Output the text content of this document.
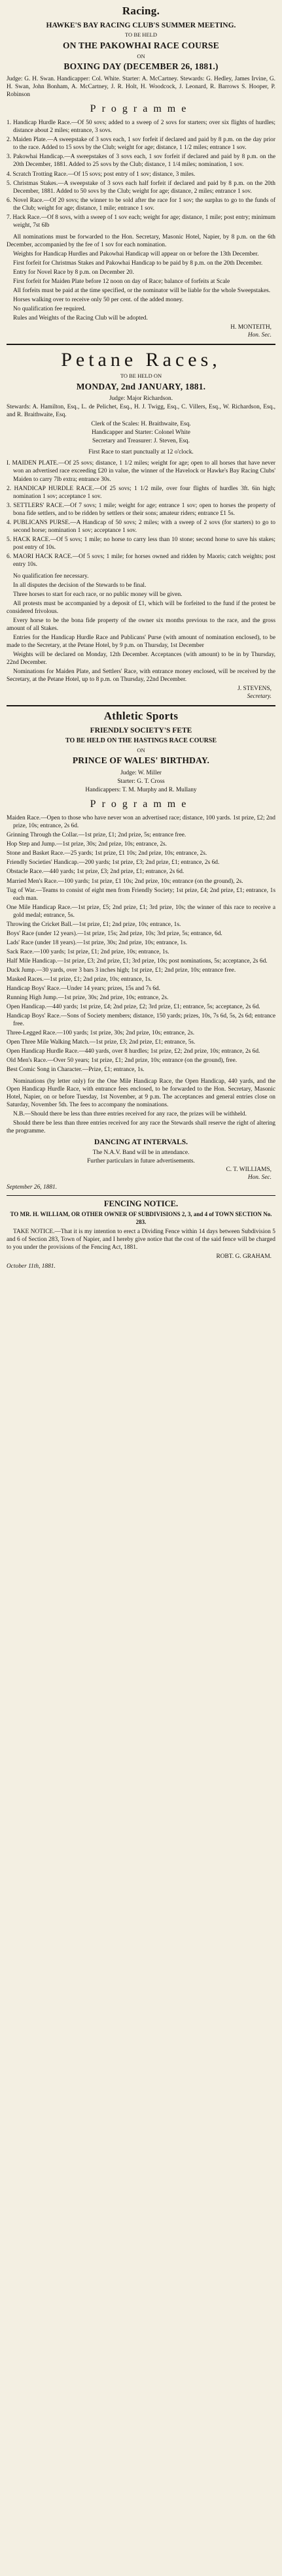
Racing.
HAWKE'S BAY RACING CLUB'S SUMMER MEETING.
TO BE HELD
ON THE PAKOWHAI RACE COURSE
ON
BOXING DAY (DECEMBER 26, 1881.)

Judge: G. H. Swan. Handicapper: Col. White. Starter: A. McCartney. Stewards: G. Hedley, James Irvine, G. H. Swan, John Bonham, A. McCartney, J. R. Holt, H. Woodcock, J. Leonard, R. Barrows S. Hooper, P. Robinson

Programme

1. Handicap Hurdle Race.—Of 50 sovs; added to a sweep of 2 sovs for starters; over six flights of hurdles; distance about 2 miles; entrance, 3 sovs.

2. Maiden Plate.—A sweepstake of 3 sovs each, 1 sov forfeit if declared and paid by 8 p.m. on the day prior to the race. Added to 15 sovs by the Club; weight for age; distance, 1 1/2 miles; entrance 1 sov.

3. Pakowhai Handicap.—A sweepstakes of 3 sovs each, 1 sov forfeit if declared and paid by 8 p.m. on the 20th December, 1881. Added to 25 sovs by the Club; distance, 1 1/4 miles; nomination, 1 sov.

4. Scratch Trotting Race.—Of 15 sovs; post entry of 1 sov; distance, 3 miles.

5. Christmas Stakes.—A sweepstake of 3 sovs each half forfeit if declared and paid by 8 p.m. on the 20th December, 1881. Added to 50 sovs by the Club; weight for age; distance, 2 miles; entrance 1 sov.

6. Novel Race.—Of 20 sovs; the winner to be sold after the race for 1 sov; the surplus to go to the funds of the Club; weight for age; distance, 1 mile; entrance 1 sov.

7. Hack Race.—Of 8 sovs, with a sweep of 1 sov each; weight for age; distance, 1 mile; post entry; minimum weight, 7st 6lb

All nominations must be forwarded to the Hon. Secretary, Masonic Hotel, Napier, by 8 p.m. on the 6th December, accompanied by the fee of 1 sov for each nomination.

Weights for Handicap Hurdles and Pakowhai Handicap will appear on or before the 13th December.

First forfeit for Christmas Stakes and Pakowhai Handicap to be paid by 8 p.m. on the 20th December.

Entry for Novel Race by 8 p.m. on December 20.

First forfeit for Maiden Plate before 12 noon on day of Race; balance of forfeits at Scale

All forfeits must be paid at the time specified, or the nominator will be liable for the whole Sweepstakes.

Horses walking over to receive only 50 per cent. of the added money.

No qualification fee required.

Rules and Weights of the Racing Club will be adopted.

H. MONTEITH,
Hon. Sec.
Petane Races,
TO BE HELD ON
MONDAY, 2nd JANUARY, 1881.
Judge: Major Richardson.

Stewards: A. Hamilton, Esq., L. de Pelichet, Esq., H. J. Twigg, Esq., C. Villers, Esq., W. Richardson, Esq., and R. Braithwaite, Esq.

Clerk of the Scales: H. Braithwaite, Esq.
Handicapper and Starter: Colonel White
Secretary and Treasurer: J. Steven, Esq.
First Race to start punctually at 12 o'clock.

I. MAIDEN PLATE.—Of 25 sovs; distance, 1 1/2 miles; weight for age; open to all horses that have never won an advertised race exceeding £20 in value, the winner of the Havelock or Hawke's Bay Racing Clubs' Maiden to carry 7lb extra; entrance 30s.

2. HANDICAP HURDLE RACE.—Of 25 sovs; 1 1/2 mile, over four flights of hurdles 3ft. 6in high; nomination 1 sov; acceptance 1 sov.

3. SETTLERS' RACE.—Of 7 sovs; 1 mile; weight for age; entrance 1 sov; open to horses the property of bona fide settlers, and to be ridden by settlers or their sons; amateur riders; entrance £1 5s.

4. PUBLICANS PURSE.—A Handicap of 50 sovs; 2 miles; with a sweep of 2 sovs (for starters) to go to second horse; nomination 1 sov; acceptance 1 sov.

5. HACK RACE.—Of 5 sovs; 1 mile; no horse to carry less than 10 stone; second horse to save his stakes; post entry of 10s.

6. MAORI HACK RACE.—Of 5 sovs; 1 mile; for horses owned and ridden by Maoris; catch weights; post entry 10s.

No qualification fee necessary.

In all disputes the decision of the Stewards to be final.

Three horses to start for each race, or no public money will be given.

All protests must be accompanied by a deposit of £1, which will be forfeited to the fund if the protest be considered frivolous.

Every horse to be the bona fide property of the owner six months previous to the race, and the gross amount of all Stakes.

Entries for the Handicap Hurdle Race and Publicans' Purse (with amount of nomination enclosed), to be made to the Secretary, at the Petane Hotel, by 9 p.m. on Thursday, 1st December

Weights will be declared on Monday, 12th December. Acceptances (with amount) to be in by Thursday, 22nd December.

Nominations for Maiden Plate, and Settlers' Race, with entrance money enclosed, will be received by the Secretary, at the Petane Hotel, up to 8 p.m. on Thursday, 22nd December.

J. STEVENS,
Secretary.
Athletic Sports
FRIENDLY SOCIETY'S FETE
TO BE HELD ON THE HASTINGS RACE COURSE
ON
PRINCE OF WALES' BIRTHDAY.
Judge: W. Miller
Starter: G. T. Cross
Handicappers: T. M. Murphy and R. Mullany
Programme

Maiden Race.—Open to those who have never won an advertised race; distance, 100 yards. 1st prize, £2; 2nd prize, 10s; entrance, 2s 6d.

Grinning Through the Collar.—1st prize, £1; 2nd prize, 5s; entrance free.

Hop Step and Jump.—1st prize, 30s; 2nd prize, 10s; entrance, 2s.

Stone and Basket Race.—25 yards; 1st prize, £1 10s; 2nd prize, 10s; entrance, 2s.

Friendly Societies' Handicap.—200 yards; 1st prize, £3; 2nd prize, £1; entrance, 2s 6d.

Obstacle Race.—440 yards; 1st prize, £3; 2nd prize, £1; entrance, 2s 6d.

Married Men's Race.—100 yards; 1st prize, £1 10s; 2nd prize, 10s; entrance (on the ground), 2s.

Tug of War.—Teams to consist of eight men from Friendly Society; 1st prize, £4; 2nd prize, £1; entrance, 1s each man.

One Mile Handicap Race.—1st prize, £5; 2nd prize, £1; 3rd prize, 10s; the winner of this race to receive a gold medal; entrance, 5s.

Throwing the Cricket Ball.—1st prize, £1; 2nd prize, 10s; entrance, 1s.

Boys' Race (under 12 years).—1st prize, 15s; 2nd prize, 10s; 3rd prize, 5s; entrance, 6d.

Lads' Race (under 18 years).—1st prize, 30s; 2nd prize, 10s; entrance, 1s.

Sack Race.—100 yards; 1st prize, £1; 2nd prize, 10s; entrance, 1s.

Half Mile Handicap.—1st prize, £3; 2nd prize, £1; 3rd prize, 10s; post nominations, 5s; acceptance, 2s 6d.

Duck Jump.—30 yards, over 3 bars 3 inches high; 1st prize, £1; 2nd prize, 10s; entrance free.

Masked Races.—1st prize, £1; 2nd prize, 10s; entrance, 1s.

Handicap Boys' Race.—Under 14 years; prizes, 15s and 7s 6d.

Running High Jump.—1st prize, 30s; 2nd prize, 10s; entrance, 2s.

Open Handicap.—440 yards; 1st prize, £4; 2nd prize, £2; 3rd prize, £1; entrance, 5s; acceptance, 2s 6d.

Handicap Boys' Race.—Sons of Society members; distance, 150 yards; prizes, 10s, 7s 6d, 5s, 2s 6d; entrance free.

Three-Legged Race.—100 yards; 1st prize, 30s; 2nd prize, 10s; entrance, 2s.

Open Three Mile Walking Match.—1st prize, £3; 2nd prize, £1; entrance, 5s.

Open Handicap Hurdle Race.—440 yards, over 8 hurdles; 1st prize, £2; 2nd prize, 10s; entrance, 2s 6d.

Old Men's Race.—Over 50 years; 1st prize, £1; 2nd prize, 10s; entrance (on the ground), free.

Best Comic Song in Character.—Prize, £1; entrance, 1s.

Nominations (by letter only) for the One Mile Handicap Race, the Open Handicap, 440 yards, and the Open Handicap Hurdle Race, with entrance fees enclosed, to be forwarded to the Hon. Secretary, Masonic Hotel, Napier, on or before Tuesday, 1st November, at 9 p.m. The acceptances and general entries close on Saturday, November 5th. The fees to accompany the nominations.

N.B.—Should there be less than three entries received for any race, the prizes will be withheld.

Should there be less than three entries received for any race the Stewards shall reserve the right of altering the programme.

DANCING AT INTERVALS.
The N.A.V. Band will be in attendance.
Further particulars in future advertisements.
C. T. WILLIAMS,
Hon. Sec.
September 26, 1881.
FENCING NOTICE.

TO MR. H. WILLIAM, OR OTHER OWNER OF SUBDIVISIONS 2, 3, and 4 of TOWN SECTION No. 283.

TAKE NOTICE.—That it is my intention to erect a Dividing Fence within 14 days between Subdivision 5 and 6 of Section 283, Town of Napier, and I hereby give notice that the cost of the said fence will be charged to you under the provisions of the Fencing Act, 1881.

ROBT. G. GRAHAM.
October 11th, 1881.
